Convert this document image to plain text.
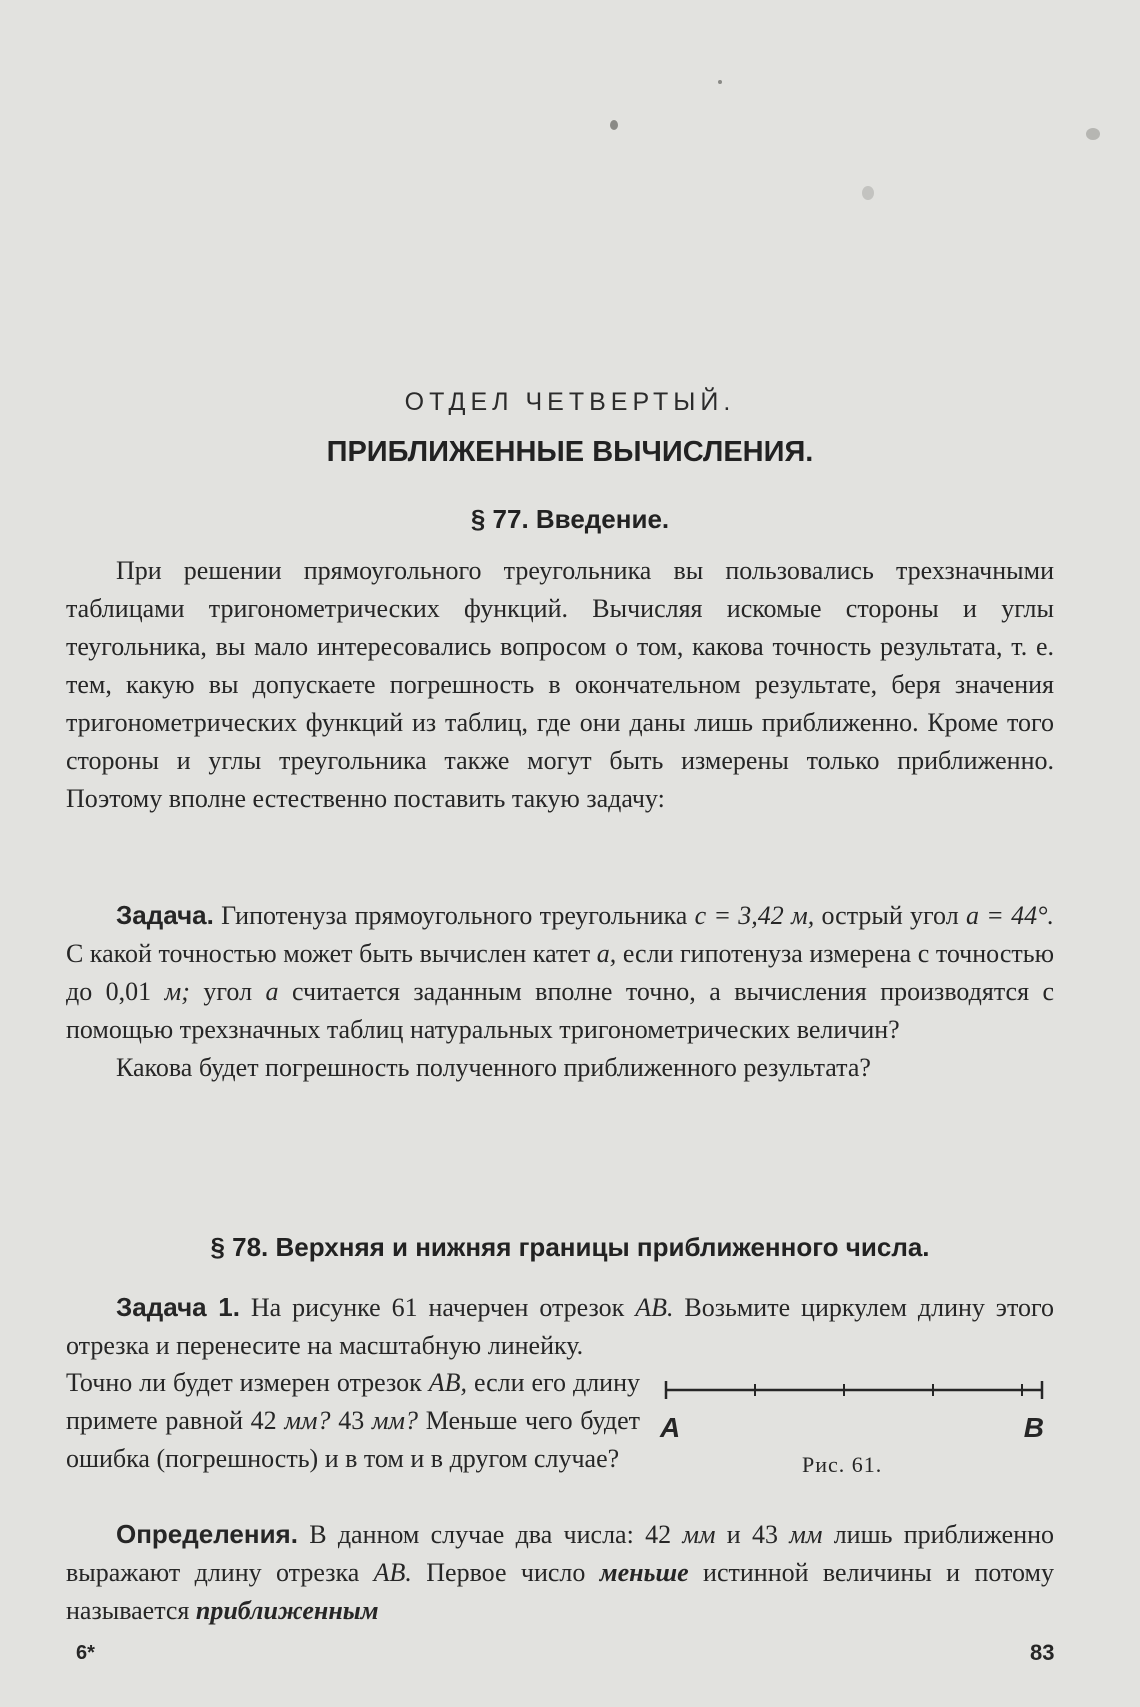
ОТДЕЛ ЧЕТВЕРТЫЙ.
ПРИБЛИЖЕННЫЕ ВЫЧИСЛЕНИЯ.
§ 77. Введение.

При решении прямоугольного треугольника вы пользовались трехзначными таблицами тригонометрических функций. Вычисляя искомые стороны и углы теугольника, вы мало интересовались вопросом о том, какова точность результата, т. е. тем, какую вы допускаете погрешность в окончательном результате, беря значения тригонометрических функций из таблиц, где они даны лишь приближенно. Кроме того стороны и углы треугольника также могут быть измерены только приближенно. Поэтому вполне естественно поставить такую задачу:

Задача. Гипотенуза прямоугольного треугольника c = 3,42 м, острый угол a = 44°. С какой точностью может быть вычислен катет a, если гипотенуза измерена с точностью до 0,01 м; угол a считается заданным вполне точно, а вычисления производятся с помощью трехзначных таблиц натуральных тригонометрических величин?

Какова будет погрешность полученного приближенного результата?

§ 78. Верхняя и нижняя границы приближенного числа.

Задача 1. На рисунке 61 начерчен отрезок AB. Возьмите циркулем длину этого отрезка и перенесите на масштабную линейку.

Точно ли будет измерен отрезок AB, если его длину примете равной 42 мм? 43 мм? Меньше чего будет ошибка (погрешность) и в том и в другом случае?
A	B
Рис. 61.

Определения. В данном случае два числа: 42 мм и 43 мм лишь приближенно выражают длину отрезка AB. Первое число меньше истинной величины и потому называется приближенным

6*	83
